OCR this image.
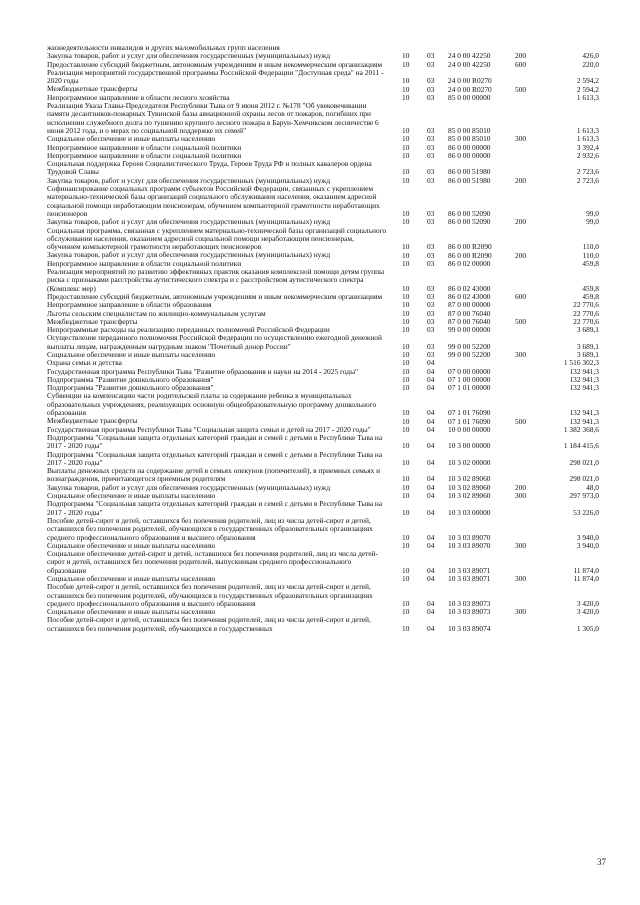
жизнедеятельности инвалидов и других маломобильных групп населения
Закупка товаров, работ и услуг для обеспечения государственных (муниципальных) нужд	10 03 24 0 00 42250	200	426,0
Предоставление субсидий бюджетным, автономным учреждениям и иным некоммерческим организациям	10 03 24 0 00 42250	600	220,0
Реализация мероприятий государственной программы Российской Федерации "Доступная среда" на 2011 - 2020 годы	10 03 24 0 00 R0270	2 594,2
Межбюджетные трансферты	10 03 24 0 00 R0270	500	2 594,2
Непрограммное направление в области лесного хозяйства	10 03 85 0 00 00000	1 613,3
Реализация Указа Главы-Председателя Республики Тыва от 9 июня 2012 г. №178 "Об увековечивании памяти десантников-пожарных Тувинской базы авиационной охраны лесов от пожаров, погибших при исполнении служебного долга по тушению крупного лесного пожара в Барун-Хемчикском лесничестве 6 июня 2012 года, и о мерах по социальной поддержке их семей"	10 03 85 0 00 85010	1 613,3
Социальное обеспечение и иные выплаты населению	10 03 85 0 00 85010	300	1 613,3
Непрограммное направление в области социальной политики	10 03 86 0 00 00000	3 392,4
Непрограммное направление в области социальной политики	10 03 86 0 00 00000	2 932,6
Социальная поддержка Героев Социалистического Труда, Героев Труда РФ и полных кавалеров ордена Трудовой Славы	10 03 86 0 00 51980	2 723,6
Закупка товаров, работ и услуг для обеспечения государственных (муниципальных) нужд	10 03 86 0 00 51980	200	2 723,6
Софинансирование социальных программ субъектов Российской Федерации, связанных с укреплением материально-технической базы организаций социального обслуживания населения, оказанием адресной социальной помощи неработающим пенсионерам, обучением компьютерной грамотности неработающих пенсионеров	10 03 86 0 00 52090	99,0
Закупка товаров, работ и услуг для обеспечения государственных (муниципальных) нужд	10 03 86 0 00 52090	200	99,0
Социальная программа, связанная с укреплением материально-технической базы организаций социального обслуживания населения, оказанием адресной социальной помощи неработающим пенсионерам, обучением компьютерной грамотности неработающих пенсионеров	10 03 86 0 00 R2090	110,0
Закупка товаров, работ и услуг для обеспечения государственных (муниципальных) нужд	10 03 86 0 00 R2090	200	110,0
Непрограммное направление в области социальной политики	10 03 86 0 02 00000	459,8
Реализация мероприятий по развитию эффективных практик оказания комплексной помощи детям группы риска с признаками расстройства аутистического спектра и с расстройством аутистического спектра (Комплекс мер)	10 03 86 0 02 43000	459,8
Предоставление субсидий бюджетным, автономным учреждениям и иным некоммерческим организациям	10 03 86 0 02 43000	600	459,8
Непрограммное направление в области образования	10 03 87 0 00 00000	22 770,6
Льготы сельским специалистам по жилищно-коммунальным услугам	10 03 87 0 00 76040	22 770,6
Межбюджетные трансферты	10 03 87 0 00 76040	500	22 770,6
Непрограммные расходы на реализацию переданных полномочий Российской Федерации	10 03 99 0 00 00000	3 689,1
Осуществление переданного полномочия Российской Федерации по осуществлению ежегодной денежной выплаты лицам, награжденным нагрудным знаком "Почетный донор России"	10 03 99 0 00 52200	3 689,1
Социальное обеспечение и иные выплаты населению	10 03 99 0 00 52200	300	3 689,1
Охрана семьи и детства	10 04	1 516 302,3
Государственная программа Республики Тыва "Развитие образования и науки на 2014 - 2025 годы"	10 04 07 0 00 00000	132 941,3
Подпрограмма "Развитие дошкольного образования"	10 04 07 1 00 00000	132 941,3
Подпрограмма "Развитие дошкольного образования"	10 04 07 1 01 00000	132 941,3
Субвенции на компенсацию части родительской платы за содержание ребенка в муниципальных образовательных учреждениях, реализующих основную общеобразовательную программу дошкольного образования	10 04 07 1 01 76090	132 941,3
Межбюджетные трансферты	10 04 07 1 01 76090	500	132 941,3
Государственная программа Республики Тыва "Социальная защита семьи и детей на 2017 - 2020 годы"	10 04 10 0 00 00000	1 382 368,6
Подпрограмма "Социальная защита отдельных категорий граждан и семей с детьми в Республике Тыва на 2017 - 2020 годы"	10 04 10 3 00 00000	1 184 415,6
Подпрограмма "Социальная защита отдельных категорий граждан и семей с детьми в Республике Тыва на 2017 - 2020 годы"	10 04 10 3 02 00000	298 021,0
Выплаты денежных средств на содержание детей в семьях опекунов (попечителей), в приемных семьях и вознаграждения, причитающегося приемным родителям	10 04 10 3 02 89060	298 021,0
Закупка товаров, работ и услуг для обеспечения государственных (муниципальных) нужд	10 04 10 3 02 89060	200	48,0
Социальное обеспечение и иные выплаты населению	10 04 10 3 02 89060	300	297 973,0
Подпрограмма "Социальная защита отдельных категорий граждан и семей с детьми в Республике Тыва на 2017 - 2020 годы"	10 04 10 3 03 00000	53 226,0
Пособие детей-сирот и детей, оставшихся без попечения родителей, лиц из числа детей-сирот и детей, оставшихся без попечения родителей, обучающихся в государственных образовательных организациях среднего профессионального образования и высшего образования	10 04 10 3 03 89070	3 940,0
Социальное обеспечение и иные выплаты населению	10 04 10 3 03 89070	300	3 940,0
Социальное обеспечение детей-сирот и детей, оставшихся без попечения родителей, лиц из числа детей-сирот и детей, оставшихся без попечения родителей, выпускникам среднего профессионального образования	10 04 10 3 03 89071	11 874,0
Социальное обеспечение и иные выплаты населению	10 04 10 3 03 89071	300	11 874,0
Пособие детей-сирот и детей, оставшихся без попечения родителей, лиц из числа детей-сирот и детей, оставшихся без попечения родителей, обучающихся в государственных образовательных организациях среднего профессионального образования и высшего образования	10 04 10 3 03 89073	3 420,0
Социальное обеспечение и иные выплаты населению	10 04 10 3 03 89073	300	3 420,0
Пособие детей-сирот и детей, оставшихся без попечения родителей, лиц из числа детей-сирот и детей, оставшихся без попечения родителей, обучающихся в государственных	10 04 10 3 03 89074	1 305,0
37
